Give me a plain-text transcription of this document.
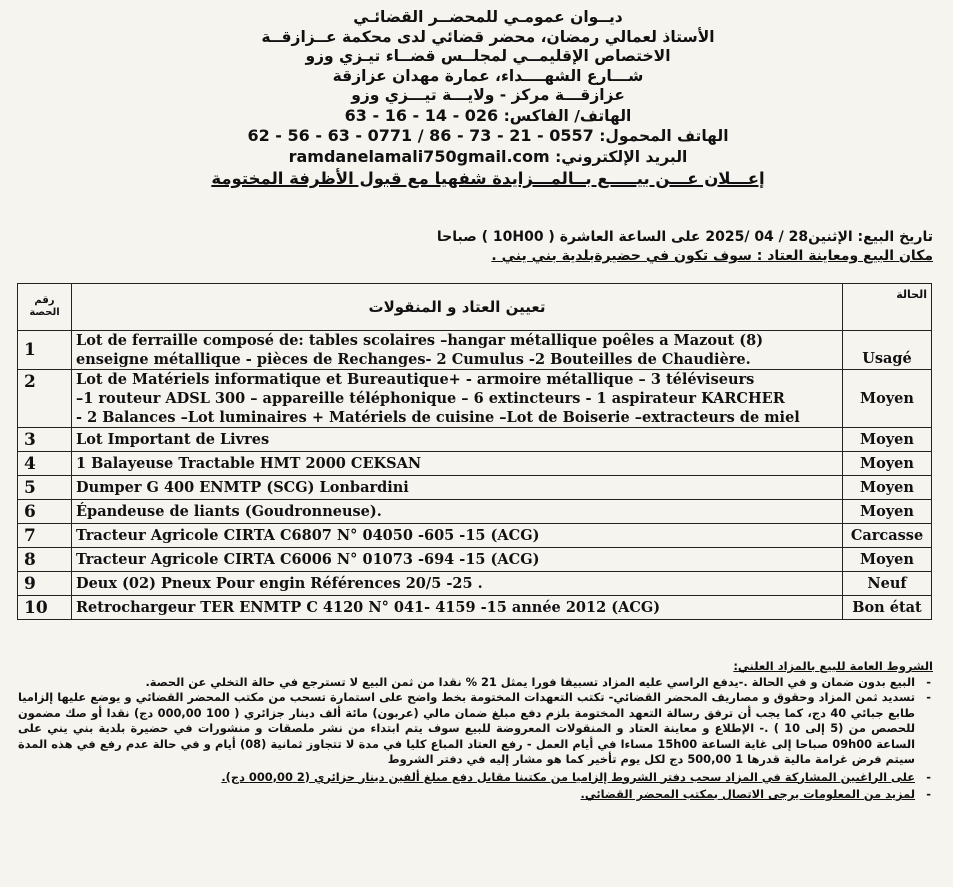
ديــوان عمومـي للمحضــر القضائـي
الأستاذ لعمالي رمضان، محضر قضائي لدى محكمة عــزازقــة
الاختصاص الإقليمــي لمجلــس قضــاء تيـزي وزو
شـــارع الشهــــداء، عمارة مهدان عزازقة
عزازقـــة مركز - ولايـــة تيـــزي وزو
الهاتف/ الفاكس: 63 - 16 - 14 - 026
الهاتف المحمول: 62 - 56 - 63 - 0771 / 86 - 73 - 21 - 0557
البريد الإلكتروني: ramdanelamali750gmail.com
إعـــلان عـــن بيـــــع بــالمـــزايدة شفهيا مع قبول الأظرفة المختومة
تاريخ البيع: الإثنين28 / 04 /2025 على الساعة العاشرة ( 10H00 ) صباحا
مكان البيع ومعاينة العتاد : سوف تكون في حضيرةبلدية بني يني .
رقم الحصة	تعيين العتاد و المنقولات	الحالة
1	Lot de ferraille composé de: tables scolaires –hangar métallique poêles a Mazout (8)
enseigne métallique - pièces de Rechanges- 2 Cumulus -2 Bouteilles de Chaudière.	Usagé
2	Lot de Matériels informatique et Bureautique+ - armoire métallique – 3 téléviseurs
–1 routeur ADSL 300 – appareille téléphonique – 6 extincteurs - 1 aspirateur KARCHER
- 2 Balances –Lot luminaires + Matériels de cuisine –Lot de Boiserie –extracteurs de miel	Moyen
3	Lot Important de Livres	Moyen
4	1 Balayeuse Tractable HMT 2000 CEKSAN	Moyen
5	Dumper G 400 ENMTP (SCG) Lonbardini	Moyen
6	Épandeuse de liants (Goudronneuse).	Moyen
7	Tracteur Agricole CIRTA C6807 N° 04050 -605 -15 (ACG)	Carcasse
8	Tracteur Agricole CIRTA C6006 N° 01073 -694 -15 (ACG)	Moyen
9	Deux (02) Pneux Pour engin Références 20/5 -25 .	Neuf
10	Retrochargeur TER ENMTP C 4120 N° 041- 4159 -15 année 2012 (ACG)	Bon état
الشروط العامة للبيع بالمزاد العلني:
- البيع بدون ضمان و في الحالة .-يدفع الراسي عليه المزاد تسبيقا فورا يمثل 21 % نقدا من ثمن البيع لا تسترجع في حالة التخلي عن الحصة.
- تسديد ثمن المزاد وحقوق و مصاريف المحضر القضائي- تكتب التعهدات المختومة بخط واضح على استمارة تسحب من مكتب المحضر القضائي و يوضع عليها إلزاميا طابع جبائي 40 دج، كما يجب أن ترفق رسالة التعهد المختومة بلزم دفع مبلغ ضمان مالي (عربون) مائة ألف دينار جزائري ( 100 000,00 دج) نقدا أو صك مضمون للحصص من (5 إلى 10 ) .- الإطلاع و معاينة العتاد و المنقولات المعروضة للبيع سوف يتم ابتداء من نشر ملصقات و منشورات في حضيرة بلدية بني يني على الساعة 09h00 صباحا إلى غاية الساعة 15h00 مساءا في أيام العمل - رفع العتاد المباع كليا في مدة لا تتجاوز ثمانية (08) أيام و في حالة عدم رفع في هذه المدة سيتم فرض غرامة مالية قدرها 1 500,00 دج لكل يوم تأخير كما هو مشار إليه في دفتر الشروط
- على الراغبين المشاركة في المزاد سحب دفتر الشروط إلزاميا من مكتبنا مقابل دفع مبلغ ألفين دينار جزائري (2 000,00 دج).
- لمزيد من المعلومات يرجى الاتصال بمكتب المحضر القضائي.
